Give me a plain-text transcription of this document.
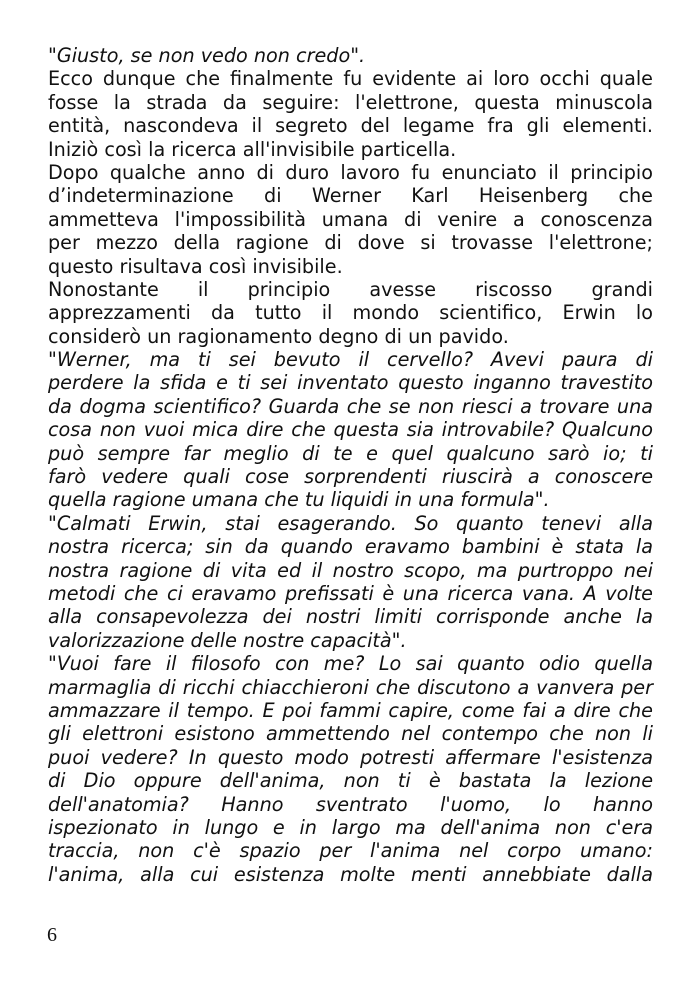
"Giusto, se non vedo non credo".
Ecco dunque che finalmente fu evidente ai loro occhi quale
fosse la strada da seguire: l'elettrone, questa minuscola
entità, nascondeva il segreto del legame fra gli elementi.
Iniziò così la ricerca all'invisibile particella.
Dopo qualche anno di duro lavoro fu enunciato il principio
d’indeterminazione di Werner Karl Heisenberg che
ammetteva l'impossibilità umana di venire a conoscenza
per mezzo della ragione di dove si trovasse l'elettrone;
questo risultava così invisibile.
Nonostante il principio avesse riscosso grandi
apprezzamenti da tutto il mondo scientifico, Erwin lo
considerò un ragionamento degno di un pavido.
"Werner, ma ti sei bevuto il cervello? Avevi paura di
perdere la sfida e ti sei inventato questo inganno travestito
da dogma scientifico? Guarda che se non riesci a trovare una
cosa non vuoi mica dire che questa sia introvabile? Qualcuno
può sempre far meglio di te e quel qualcuno sarò io; ti
farò vedere quali cose sorprendenti riuscirà a conoscere
quella ragione umana che tu liquidi in una formula".
"Calmati Erwin, stai esagerando. So quanto tenevi alla
nostra ricerca; sin da quando eravamo bambini è stata la
nostra ragione di vita ed il nostro scopo, ma purtroppo nei
metodi che ci eravamo prefissati è una ricerca vana. A volte
alla consapevolezza dei nostri limiti corrisponde anche la
valorizzazione delle nostre capacità".
"Vuoi fare il filosofo con me? Lo sai quanto odio quella
marmaglia di ricchi chiacchieroni che discutono a vanvera per
ammazzare il tempo. E poi fammi capire, come fai a dire che
gli elettroni esistono ammettendo nel contempo che non li
puoi vedere? In questo modo potresti affermare l'esistenza
di Dio oppure dell'anima, non ti è bastata la lezione
dell'anatomia? Hanno sventrato l'uomo, lo hanno
ispezionato in lungo e in largo ma dell'anima non c'era
traccia, non c'è spazio per l'anima nel corpo umano:
l'anima, alla cui esistenza molte menti annebbiate dalla
6
